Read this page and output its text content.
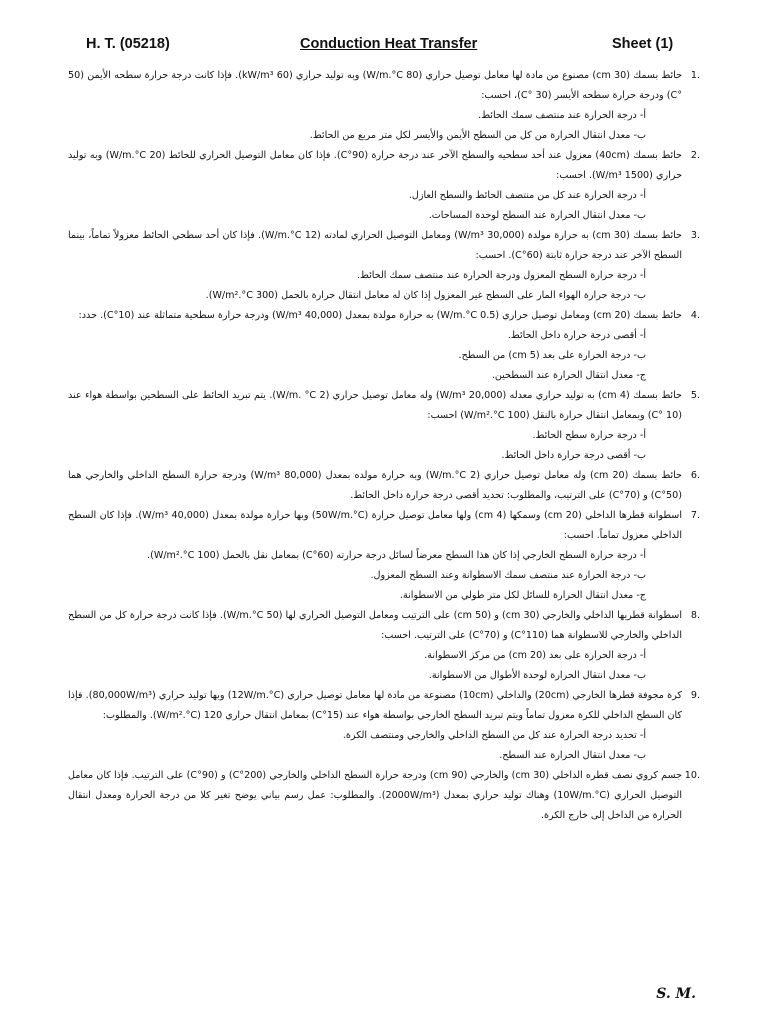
H. T. (05218)	Conduction Heat Transfer	Sheet (1)
1.
حائط بسمك (30 cm) مصنوع من مادة لها معامل توصيل حراري (80 W/m.°C) وبه توليد حراري (60 kW/m³). فإذا كانت درجة حرارة سطحه الأيمن (50 °C) ودرجة حرارة سطحه الأيسر (30 °C)، احسب:
أ- درجة الحرارة عند منتصف سمك الحائط.
ب- معدل انتقال الحرارة من كل من السطح الأيمن والأيسر لكل متر مربع من الحائط.
2.
حائط بسمك (40cm) معزول عند أحد سطحيه والسطح الآخر عند درجة حرارة (90°C). فإذا كان معامل التوصيل الحراري للحائط (20 W/m.°C) وبه توليد حراري (1500 W/m³). احسب:
أ- درجة الحرارة عند كل من منتصف الحائط والسطح العازل.
ب- معدل انتقال الحرارة عند السطح لوحدة المساحات.
3.
حائط بسمك (30 cm) به حرارة مولدة (30,000 W/m³) ومعامل التوصيل الحراري لمادته (12 W/m.°C). فإذا كان أحد سطحي الحائط معزولاً تماماً، بينما السطح الآخر عند درجة حرارة ثابتة (60°C). احسب:
أ- درجة حرارة السطح المعزول ودرجة الحرارة عند منتصف سمك الحائط.
ب- درجة حرارة الهواء المار على السطح غير المعزول إذا كان له معامل انتقال حرارة بالحمل (300 W/m².°C).
4.
حائط بسمك (20 cm) ومعامل توصيل حراري (0.5 W/m.°C) به حرارة مولدة بمعدل (40,000 W/m³) ودرجة حرارة سطحية متماثلة عند (10°C). حدد:
أ- أقصى درجة حرارة داخل الحائط.
ب- درجة الحرارة على بعد (5 cm) من السطح.
ج- معدل انتقال الحرارة عند السطحين.
5.
حائط بسمك (4 cm) به توليد حراري معدله (20,000 W/m³) وله معامل توصيل حراري (2 W/m. °C). يتم تبريد الحائط على السطحين بواسطة هواء عند (10 °C) وبمعامل انتقال حرارة بالنقل (100 W/m².°C) احسب:
أ- درجة حرارة سطح الحائط.
ب- أقصى درجة حرارة داخل الحائط.
6.
حائط بسمك (20 cm) وله معامل توصيل حراري (2 W/m.°C) وبه حرارة مولده بمعدل (80,000 W/m³) ودرجة حرارة السطح الداخلي والخارجي هما (50°C) و (70°C) على الترتيب، والمطلوب: تحديد أقصى درجة حرارة داخل الحائط.
7.
اسطوانة قطرها الداخلي (20 cm) وسمكها (4 cm) ولها معامل توصيل حرارة (50W/m.°C) وبها حرارة مولدة بمعدل (40,000 W/m³). فإذا كان السطح الداخلي معزول تماماً. احسب:
أ- درجة حرارة السطح الخارجي إذا كان هذا السطح معرضاً لسائل درجة حرارته (60°C) بمعامل نقل بالحمل (100 W/m².°C).
ب- درجة الحرارة عند منتصف سمك الاسطوانة وعند السطح المعزول.
ج- معدل انتقال الحرارة للسائل لكل متر طولي من الاسطوانة.
8.
اسطوانة قطريها الداخلي والخارجي (30 cm) و (50 cm) على الترتيب ومعامل التوصيل الحراري لها (50 W/m.°C). فإذا كانت درجة حرارة كل من السطح الداخلي والخارجي للاسطوانة هما (110°C) و (70°C) على الترتيب. احسب:
أ- درجة الحرارة على بعد (20 cm) من مركز الاسطوانة.
ب- معدل انتقال الحرارة لوحدة الأطوال من الاسطوانة.
9.
كرة مجوفة قطرها الخارجي (20cm) والداخلي (10cm) مصنوعة من مادة لها معامل توصيل حراري (12W/m.°C) وبها توليد حراري (80,000W/m³). فإذا كان السطح الداخلي للكرة معزول تماماً ويتم تبريد السطح الخارجي بواسطة هواء عند (15°C) بمعامل انتقال حراري 120 (W/m².°C). والمطلوب:
أ- تحديد درجة الحرارة عند كل من السطح الداخلي والخارجي ومنتصف الكرة.
ب- معدل انتقال الحرارة عند السطح.
10.
جسم كروي نصف قطره الداخلي (30 cm) والخارجي (90 cm) ودرجة حرارة السطح الداخلي والخارجي (200°C) و (90°C) على الترتيب. فإذا كان معامل التوصيل الحراري (10W/m.°C) وهناك توليد حراري بمعدل (2000W/m³). والمطلوب: عمل رسم بياني يوضح تغير كلا من درجة الحرارة ومعدل انتقال الحرارة من الداخل إلى خارج الكرة.
S. M.
